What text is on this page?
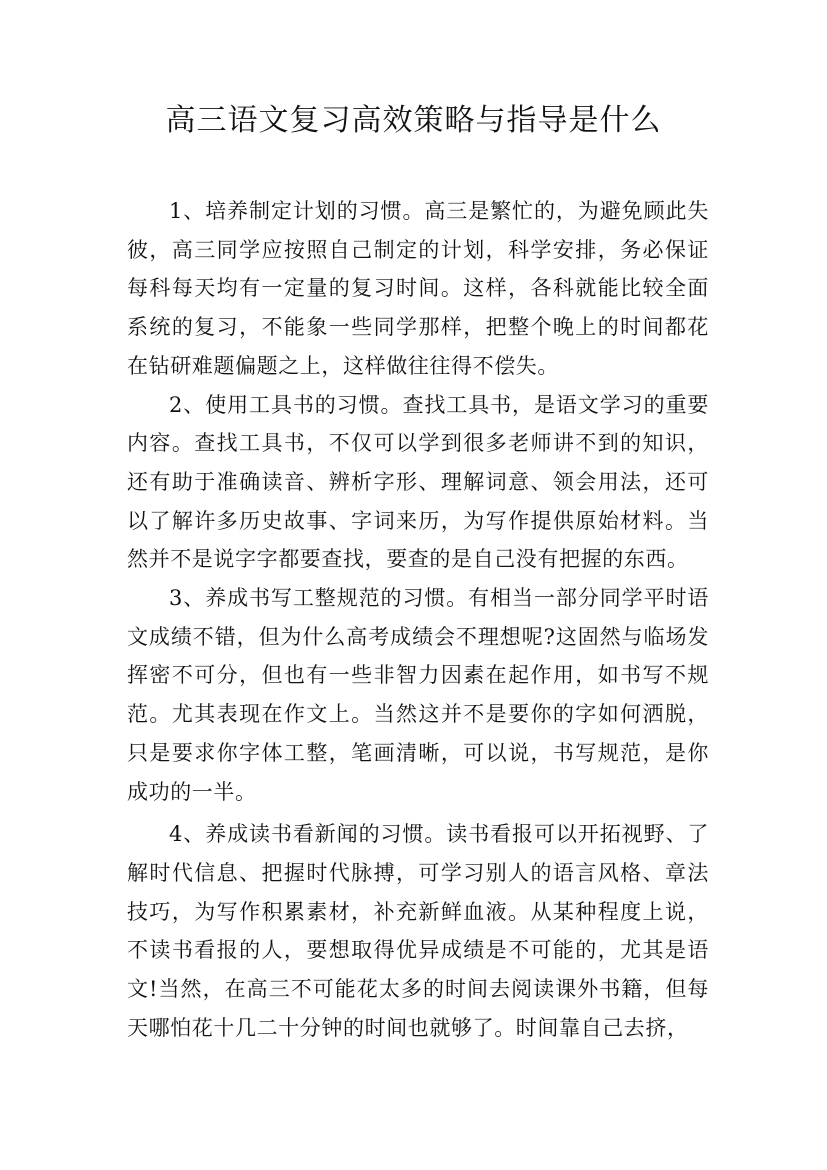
高三语文复习高效策略与指导是什么

1、培养制定计划的习惯。高三是繁忙的，为避免顾此失彼，高三同学应按照自己制定的计划，科学安排，务必保证每科每天均有一定量的复习时间。这样，各科就能比较全面系统的复习，不能象一些同学那样，把整个晚上的时间都花在钻研难题偏题之上，这样做往往得不偿失。

2、使用工具书的习惯。查找工具书，是语文学习的重要内容。查找工具书，不仅可以学到很多老师讲不到的知识，还有助于准确读音、辨析字形、理解词意、领会用法，还可以了解许多历史故事、字词来历，为写作提供原始材料。当然并不是说字字都要查找，要查的是自己没有把握的东西。

3、养成书写工整规范的习惯。有相当一部分同学平时语文成绩不错，但为什么高考成绩会不理想呢?这固然与临场发挥密不可分，但也有一些非智力因素在起作用，如书写不规范。尤其表现在作文上。当然这并不是要你的字如何洒脱，只是要求你字体工整，笔画清晰，可以说，书写规范，是你成功的一半。

4、养成读书看新闻的习惯。读书看报可以开拓视野、了解时代信息、把握时代脉搏，可学习别人的语言风格、章法技巧，为写作积累素材，补充新鲜血液。从某种程度上说，不读书看报的人，要想取得优异成绩是不可能的，尤其是语文!当然，在高三不可能花太多的时间去阅读课外书籍，但每天哪怕花十几二十分钟的时间也就够了。时间靠自己去挤，
